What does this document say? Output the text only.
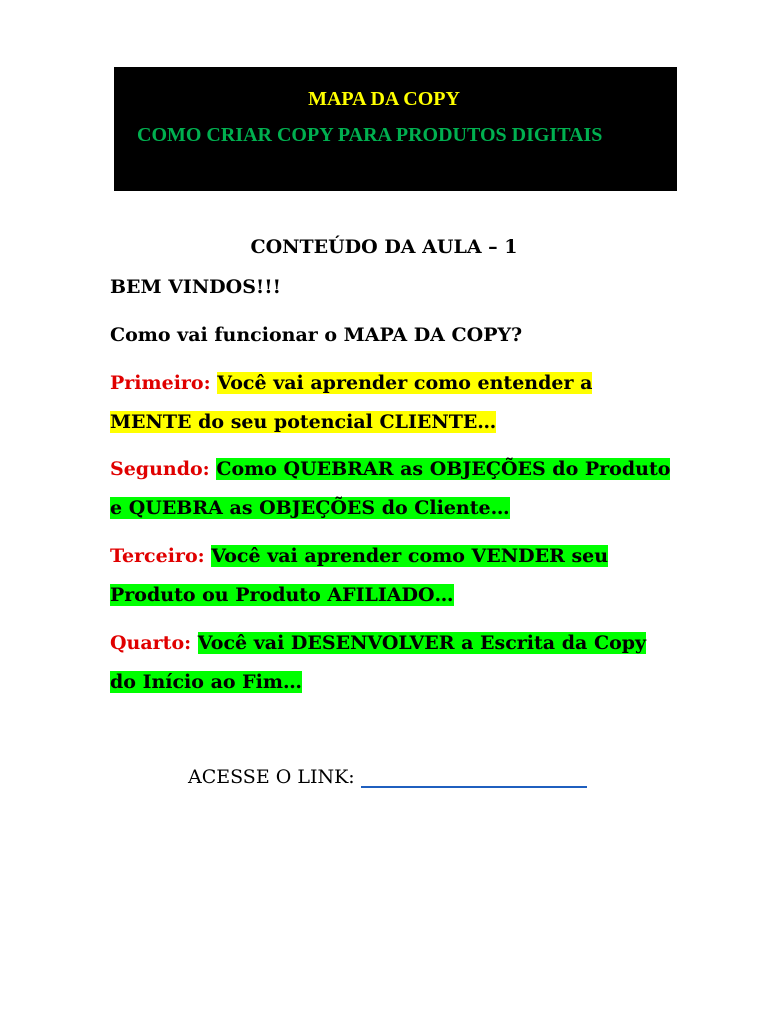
MAPA DA COPY
COMO CRIAR COPY PARA PRODUTOS DIGITAIS
CONTEÚDO DA AULA – 1
BEM VINDOS!!!
Como vai funcionar o MAPA DA COPY?
Primeiro: Você vai aprender como entender a
MENTE do seu potencial CLIENTE…
Segundo: Como QUEBRAR as OBJEÇÕES do Produto
e QUEBRA as OBJEÇÕES do Cliente…
Terceiro: Você vai aprender como VENDER seu
Produto ou Produto AFILIADO…
Quarto: Você vai DESENVOLVER a Escrita da Copy
do Início ao Fim…
ACESSE O LINK:
